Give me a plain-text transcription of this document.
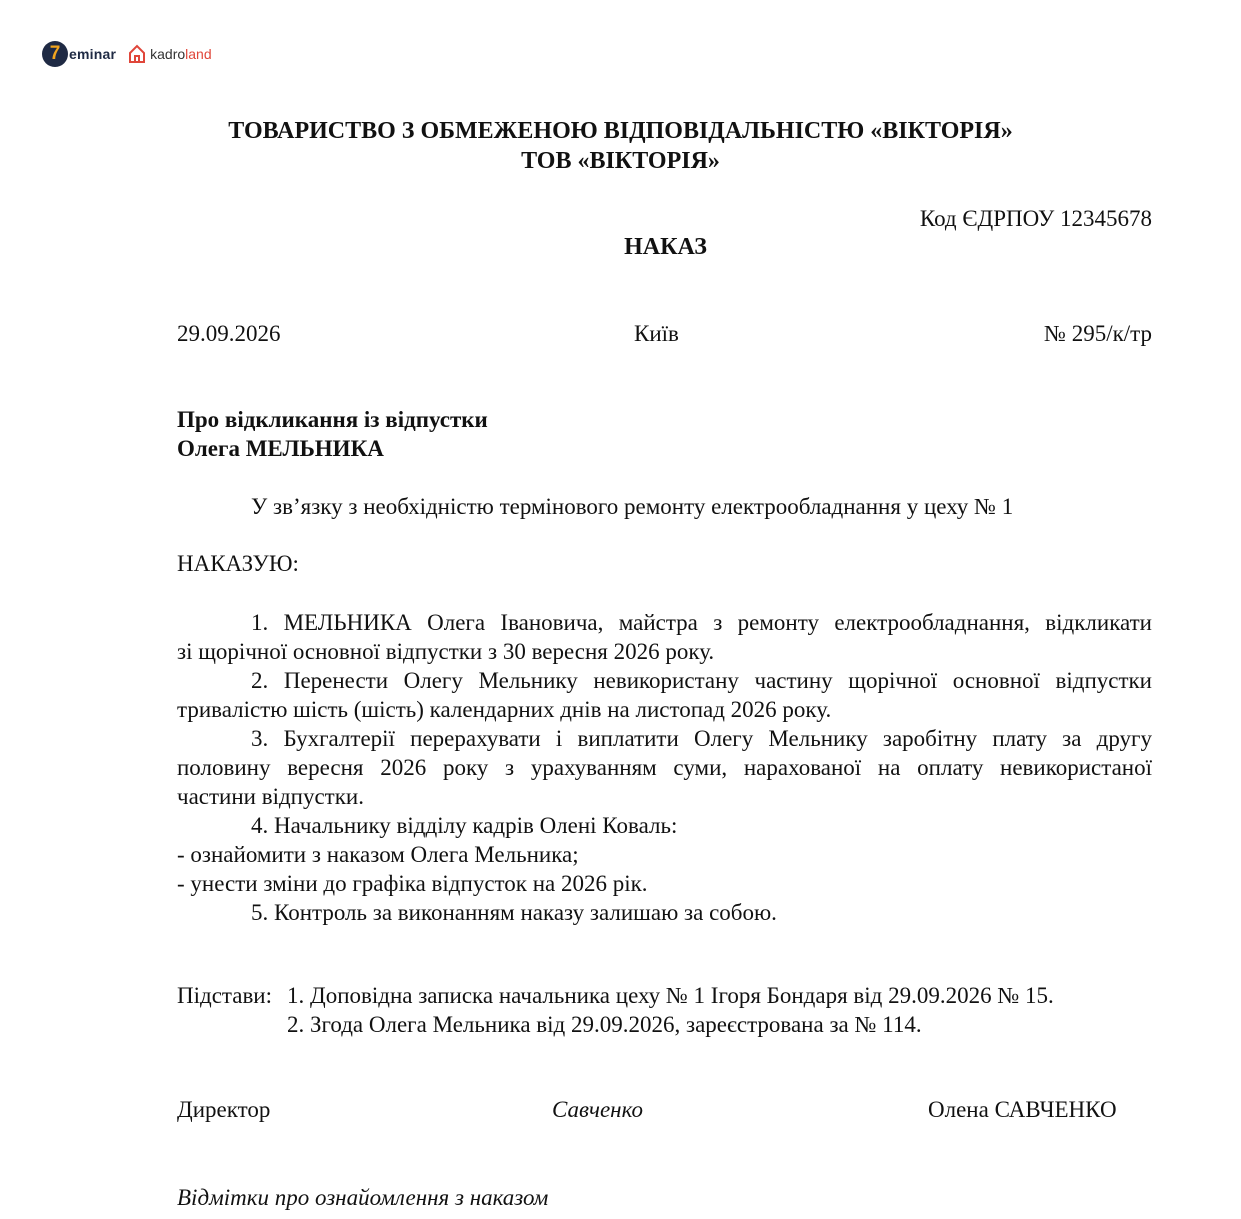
7 eminar kadroland
ТОВАРИСТВО З ОБМЕЖЕНОЮ ВІДПОВІДАЛЬНІСТЮ «ВІКТОРІЯ»
ТОВ «ВІКТОРІЯ»
Код ЄДРПОУ 12345678
НАКАЗ
29.09.2026	Київ	№ 295/к/тр
Про відкликання із відпустки
Олега МЕЛЬНИКА
У зв’язку з необхідністю термінового ремонту електрообладнання у цеху № 1
НАКАЗУЮ:

1. МЕЛЬНИКА Олега Івановича, майстра з ремонту електрообладнання, відкликати

зі щорічної основної відпустки з 30 вересня 2026 року.

2. Перенести Олегу Мельнику невикористану частину щорічної основної відпустки

тривалістю шість (шість) календарних днів на листопад 2026 року.

3. Бухгалтерії перерахувати і виплатити Олегу Мельнику заробітну плату за другу

половину вересня 2026 року з урахуванням суми, нарахованої на оплату невикористаної

частини відпустки.

4. Начальнику відділу кадрів Олені Коваль:

- ознайомити з наказом Олега Мельника;

- унести зміни до графіка відпусток на 2026 рік.

5. Контроль за виконанням наказу залишаю за собою.

Підстави: 1. Доповідна записка начальника цеху № 1 Ігоря Бондаря від 29.09.2026 № 15.
2. Згода Олега Мельника від 29.09.2026, зареєстрована за № 114.
Директор	Савченко	Олена САВЧЕНКО
Відмітки про ознайомлення з наказом
